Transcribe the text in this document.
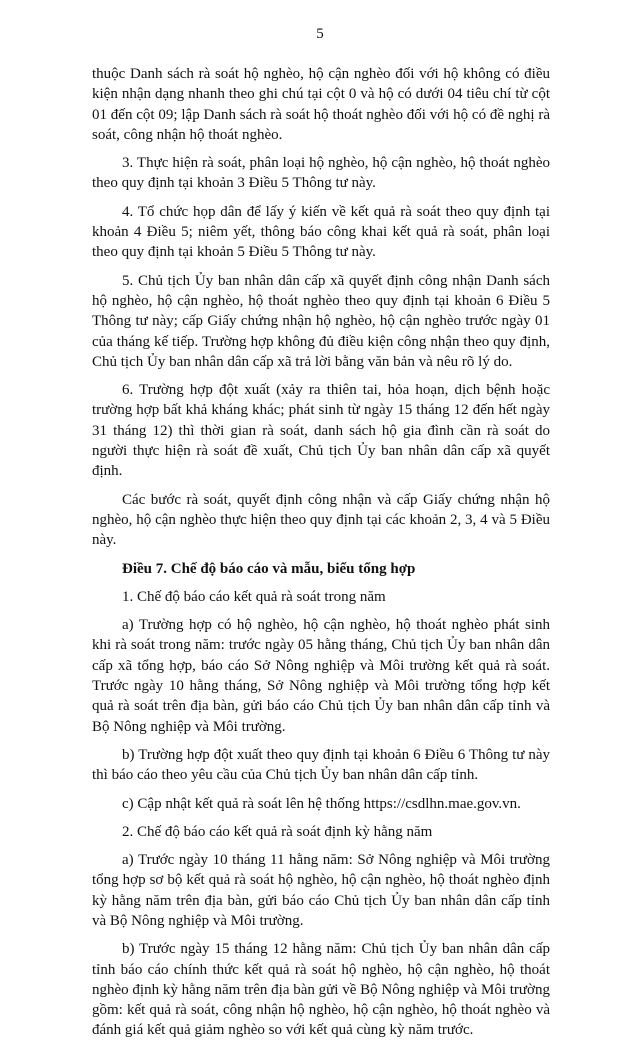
5

thuộc Danh sách rà soát hộ nghèo, hộ cận nghèo đối với hộ không có điều kiện nhận dạng nhanh theo ghi chú tại cột 0 và hộ có dưới 04 tiêu chí từ cột 01 đến cột 09; lập Danh sách rà soát hộ thoát nghèo đối với hộ có đề nghị rà soát, công nhận hộ thoát nghèo.

3. Thực hiện rà soát, phân loại hộ nghèo, hộ cận nghèo, hộ thoát nghèo theo quy định tại khoản 3 Điều 5 Thông tư này.

4. Tổ chức họp dân để lấy ý kiến về kết quả rà soát theo quy định tại khoản 4 Điều 5; niêm yết, thông báo công khai kết quả rà soát, phân loại theo quy định tại khoản 5 Điều 5 Thông tư này.

5. Chủ tịch Ủy ban nhân dân cấp xã quyết định công nhận Danh sách hộ nghèo, hộ cận nghèo, hộ thoát nghèo theo quy định tại khoản 6 Điều 5 Thông tư này; cấp Giấy chứng nhận hộ nghèo, hộ cận nghèo trước ngày 01 của tháng kế tiếp. Trường hợp không đủ điều kiện công nhận theo quy định, Chủ tịch Ủy ban nhân dân cấp xã trả lời bằng văn bản và nêu rõ lý do.

6. Trường hợp đột xuất (xảy ra thiên tai, hỏa hoạn, dịch bệnh hoặc trường hợp bất khả kháng khác; phát sinh từ ngày 15 tháng 12 đến hết ngày 31 tháng 12) thì thời gian rà soát, danh sách hộ gia đình cần rà soát do người thực hiện rà soát đề xuất, Chủ tịch Ủy ban nhân dân cấp xã quyết định.

Các bước rà soát, quyết định công nhận và cấp Giấy chứng nhận hộ nghèo, hộ cận nghèo thực hiện theo quy định tại các khoản 2, 3, 4 và 5 Điều này.

Điều 7. Chế độ báo cáo và mẫu, biểu tổng hợp

1. Chế độ báo cáo kết quả rà soát trong năm

a) Trường hợp có hộ nghèo, hộ cận nghèo, hộ thoát nghèo phát sinh khi rà soát trong năm: trước ngày 05 hằng tháng, Chủ tịch Ủy ban nhân dân cấp xã tổng hợp, báo cáo Sở Nông nghiệp và Môi trường kết quả rà soát. Trước ngày 10 hằng tháng, Sở Nông nghiệp và Môi trường tổng hợp kết quả rà soát trên địa bàn, gửi báo cáo Chủ tịch Ủy ban nhân dân cấp tỉnh và Bộ Nông nghiệp và Môi trường.

b) Trường hợp đột xuất theo quy định tại khoản 6 Điều 6 Thông tư này thì báo cáo theo yêu cầu của Chủ tịch Ủy ban nhân dân cấp tỉnh.

c) Cập nhật kết quả rà soát lên hệ thống https://csdlhn.mae.gov.vn.

2. Chế độ báo cáo kết quả rà soát định kỳ hằng năm

a) Trước ngày 10 tháng 11 hằng năm: Sở Nông nghiệp và Môi trường tổng hợp sơ bộ kết quả rà soát hộ nghèo, hộ cận nghèo, hộ thoát nghèo định kỳ hằng năm trên địa bàn, gửi báo cáo Chủ tịch Ủy ban nhân dân cấp tỉnh và Bộ Nông nghiệp và Môi trường.

b) Trước ngày 15 tháng 12 hằng năm: Chủ tịch Ủy ban nhân dân cấp tỉnh báo cáo chính thức kết quả rà soát hộ nghèo, hộ cận nghèo, hộ thoát nghèo định kỳ hằng năm trên địa bàn gửi về Bộ Nông nghiệp và Môi trường gồm: kết quả rà soát, công nhận hộ nghèo, hộ cận nghèo, hộ thoát nghèo và đánh giá kết quả giảm nghèo so với kết quả cùng kỳ năm trước.
